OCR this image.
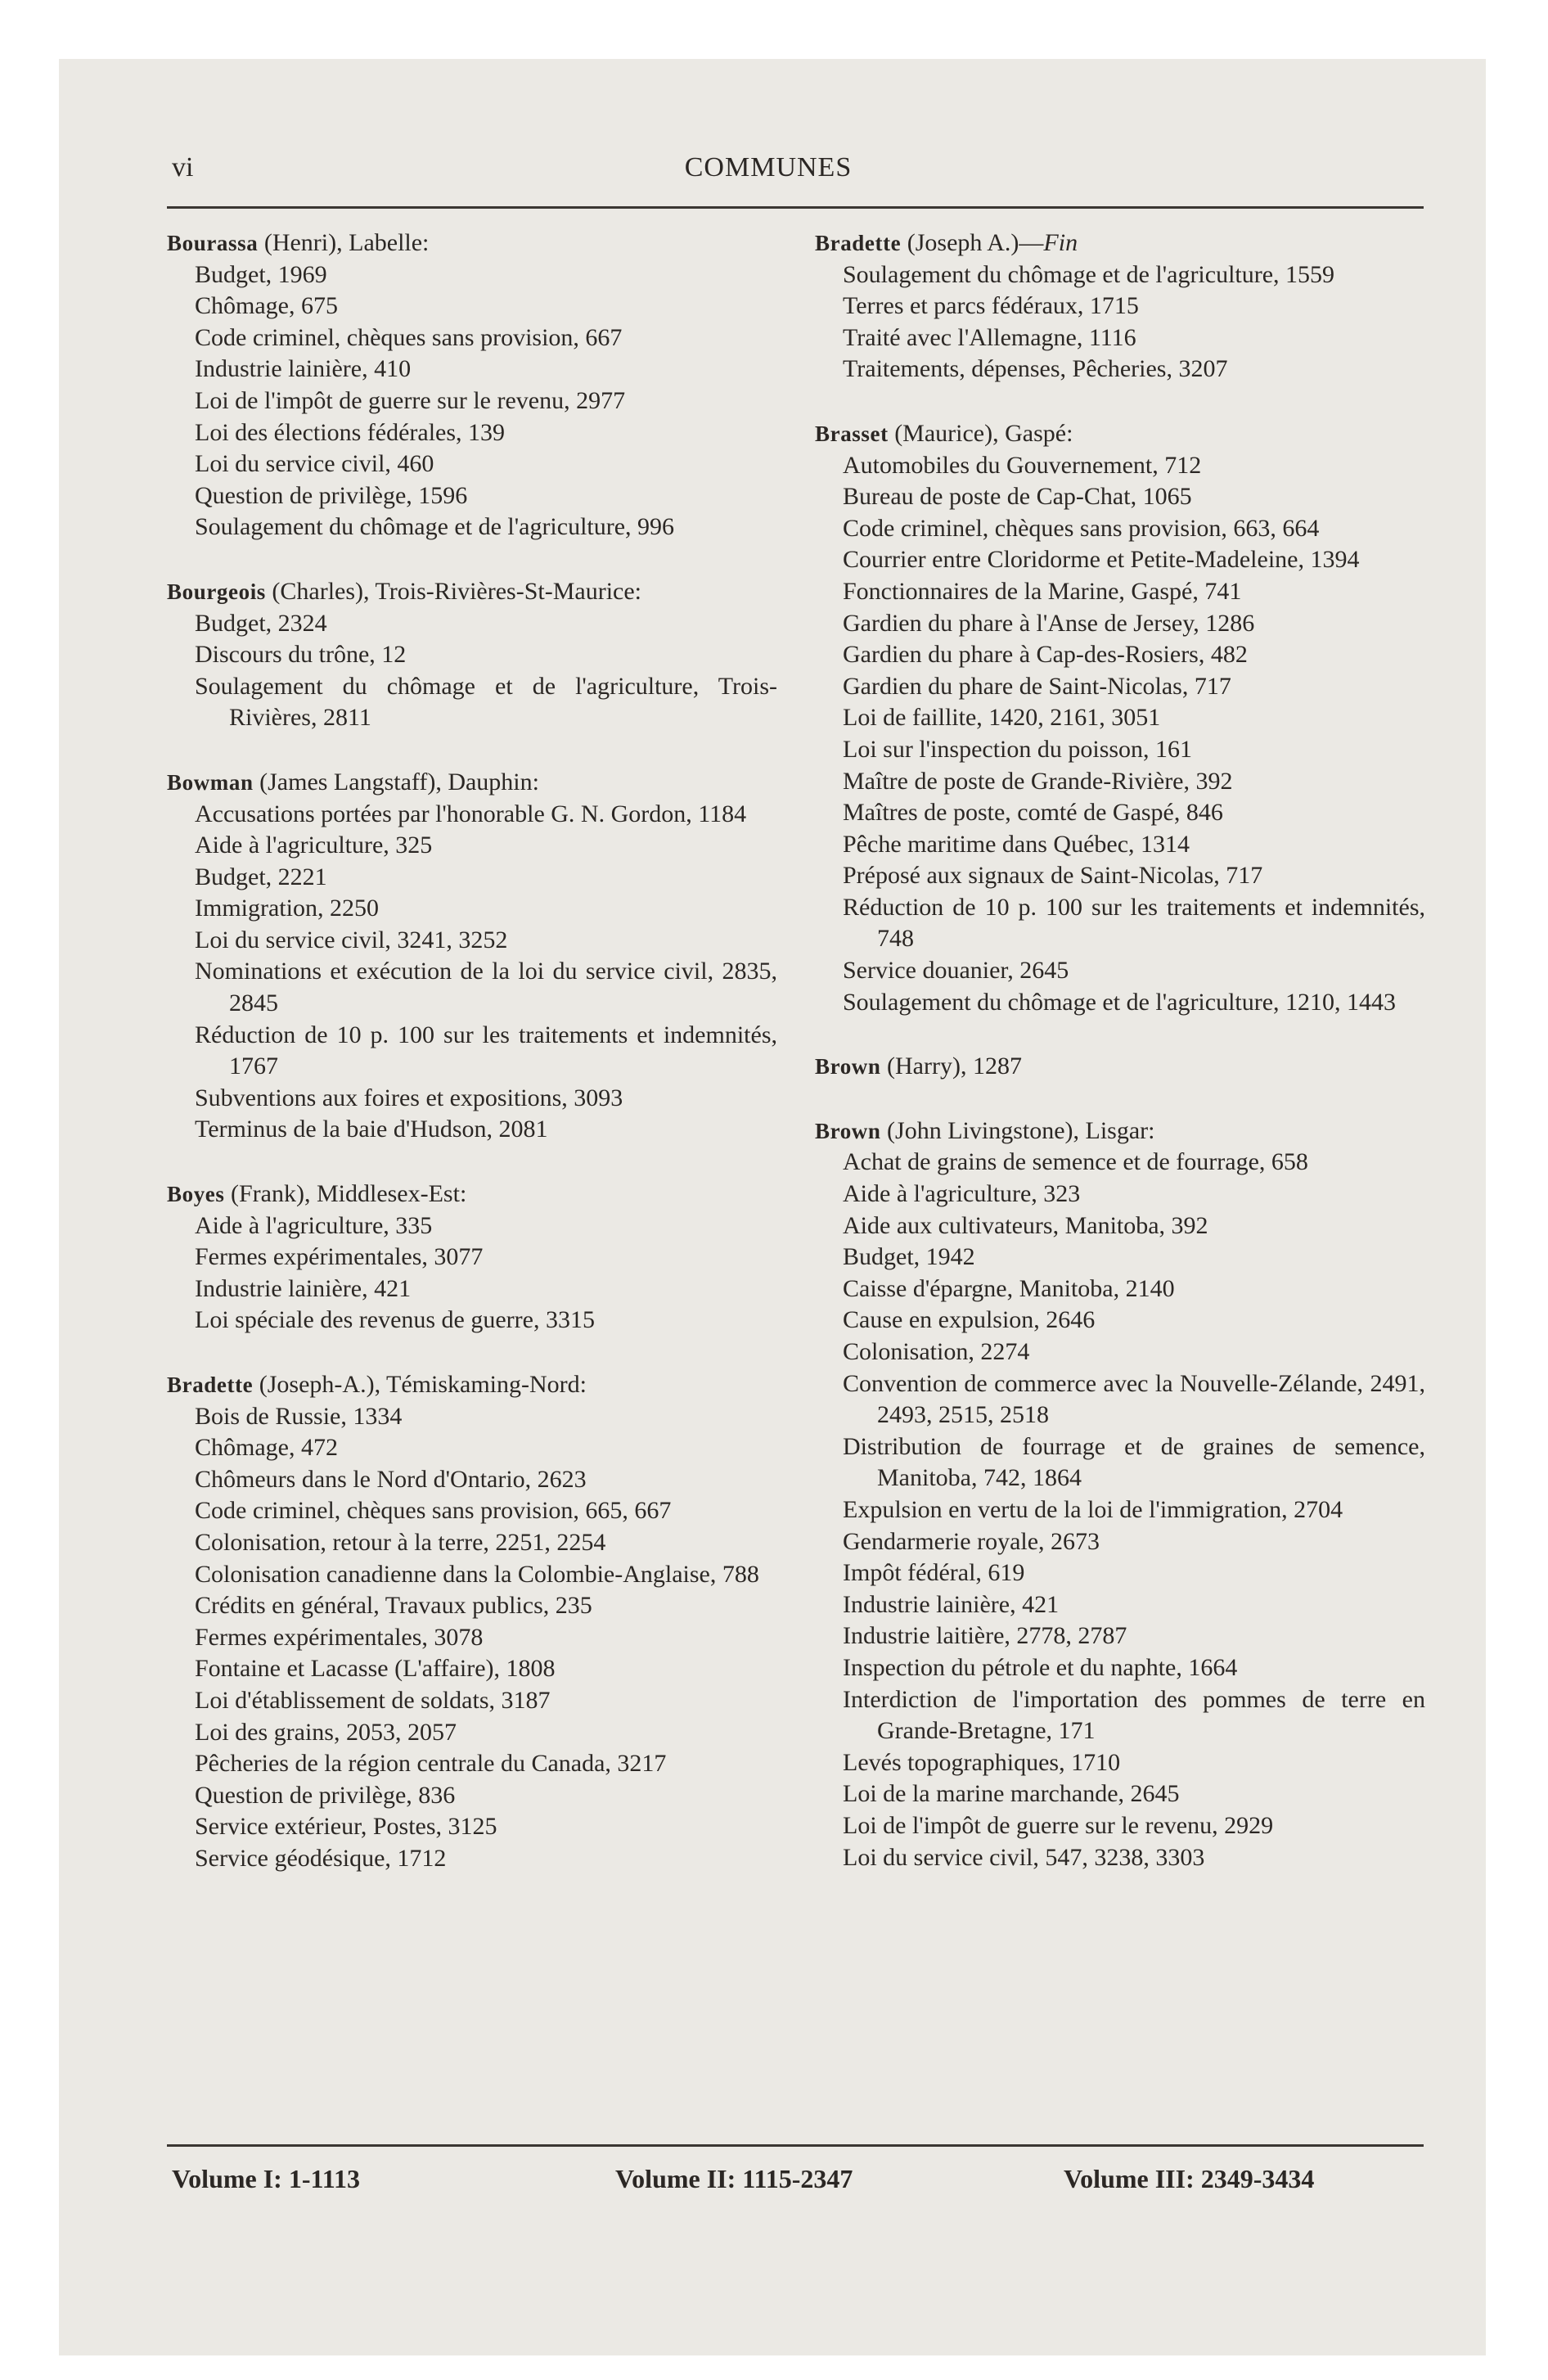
vi	COMMUNES
Bourassa (Henri), Labelle:
Budget, 1969
Chômage, 675
Code criminel, chèques sans provision, 667
Industrie lainière, 410
Loi de l'impôt de guerre sur le revenu, 2977
Loi des élections fédérales, 139
Loi du service civil, 460
Question de privilège, 1596
Soulagement du chômage et de l'agriculture, 996
Bourgeois (Charles), Trois-Rivières-St-Maurice:
Budget, 2324
Discours du trône, 12
Soulagement du chômage et de l'agriculture, Trois-Rivières, 2811
Bowman (James Langstaff), Dauphin:
Accusations portées par l'honorable G. N. Gordon, 1184
Aide à l'agriculture, 325
Budget, 2221
Immigration, 2250
Loi du service civil, 3241, 3252
Nominations et exécution de la loi du service civil, 2835, 2845
Réduction de 10 p. 100 sur les traitements et indemnités, 1767
Subventions aux foires et expositions, 3093
Terminus de la baie d'Hudson, 2081
Boyes (Frank), Middlesex-Est:
Aide à l'agriculture, 335
Fermes expérimentales, 3077
Industrie lainière, 421
Loi spéciale des revenus de guerre, 3315
Bradette (Joseph-A.), Témiskaming-Nord:
Bois de Russie, 1334
Chômage, 472
Chômeurs dans le Nord d'Ontario, 2623
Code criminel, chèques sans provision, 665, 667
Colonisation, retour à la terre, 2251, 2254
Colonisation canadienne dans la Colombie-Anglaise, 788
Crédits en général, Travaux publics, 235
Fermes expérimentales, 3078
Fontaine et Lacasse (L'affaire), 1808
Loi d'établissement de soldats, 3187
Loi des grains, 2053, 2057
Pêcheries de la région centrale du Canada, 3217
Question de privilège, 836
Service extérieur, Postes, 3125
Service géodésique, 1712
Bradette (Joseph A.)—Fin
Soulagement du chômage et de l'agriculture, 1559
Terres et parcs fédéraux, 1715
Traité avec l'Allemagne, 1116
Traitements, dépenses, Pêcheries, 3207
Brasset (Maurice), Gaspé:
Automobiles du Gouvernement, 712
Bureau de poste de Cap-Chat, 1065
Code criminel, chèques sans provision, 663, 664
Courrier entre Cloridorme et Petite-Madeleine, 1394
Fonctionnaires de la Marine, Gaspé, 741
Gardien du phare à l'Anse de Jersey, 1286
Gardien du phare à Cap-des-Rosiers, 482
Gardien du phare de Saint-Nicolas, 717
Loi de faillite, 1420, 2161, 3051
Loi sur l'inspection du poisson, 161
Maître de poste de Grande-Rivière, 392
Maîtres de poste, comté de Gaspé, 846
Pêche maritime dans Québec, 1314
Préposé aux signaux de Saint-Nicolas, 717
Réduction de 10 p. 100 sur les traitements et indemnités, 748
Service douanier, 2645
Soulagement du chômage et de l'agriculture, 1210, 1443
Brown (Harry), 1287
Brown (John Livingstone), Lisgar:
Achat de grains de semence et de fourrage, 658
Aide à l'agriculture, 323
Aide aux cultivateurs, Manitoba, 392
Budget, 1942
Caisse d'épargne, Manitoba, 2140
Cause en expulsion, 2646
Colonisation, 2274
Convention de commerce avec la Nouvelle-Zélande, 2491, 2493, 2515, 2518
Distribution de fourrage et de graines de semence, Manitoba, 742, 1864
Expulsion en vertu de la loi de l'immigration, 2704
Gendarmerie royale, 2673
Impôt fédéral, 619
Industrie lainière, 421
Industrie laitière, 2778, 2787
Inspection du pétrole et du naphte, 1664
Interdiction de l'importation des pommes de terre en Grande-Bretagne, 171
Levés topographiques, 1710
Loi de la marine marchande, 2645
Loi de l'impôt de guerre sur le revenu, 2929
Loi du service civil, 547, 3238, 3303
Volume I: 1-1113	Volume II: 1115-2347	Volume III: 2349-3434
